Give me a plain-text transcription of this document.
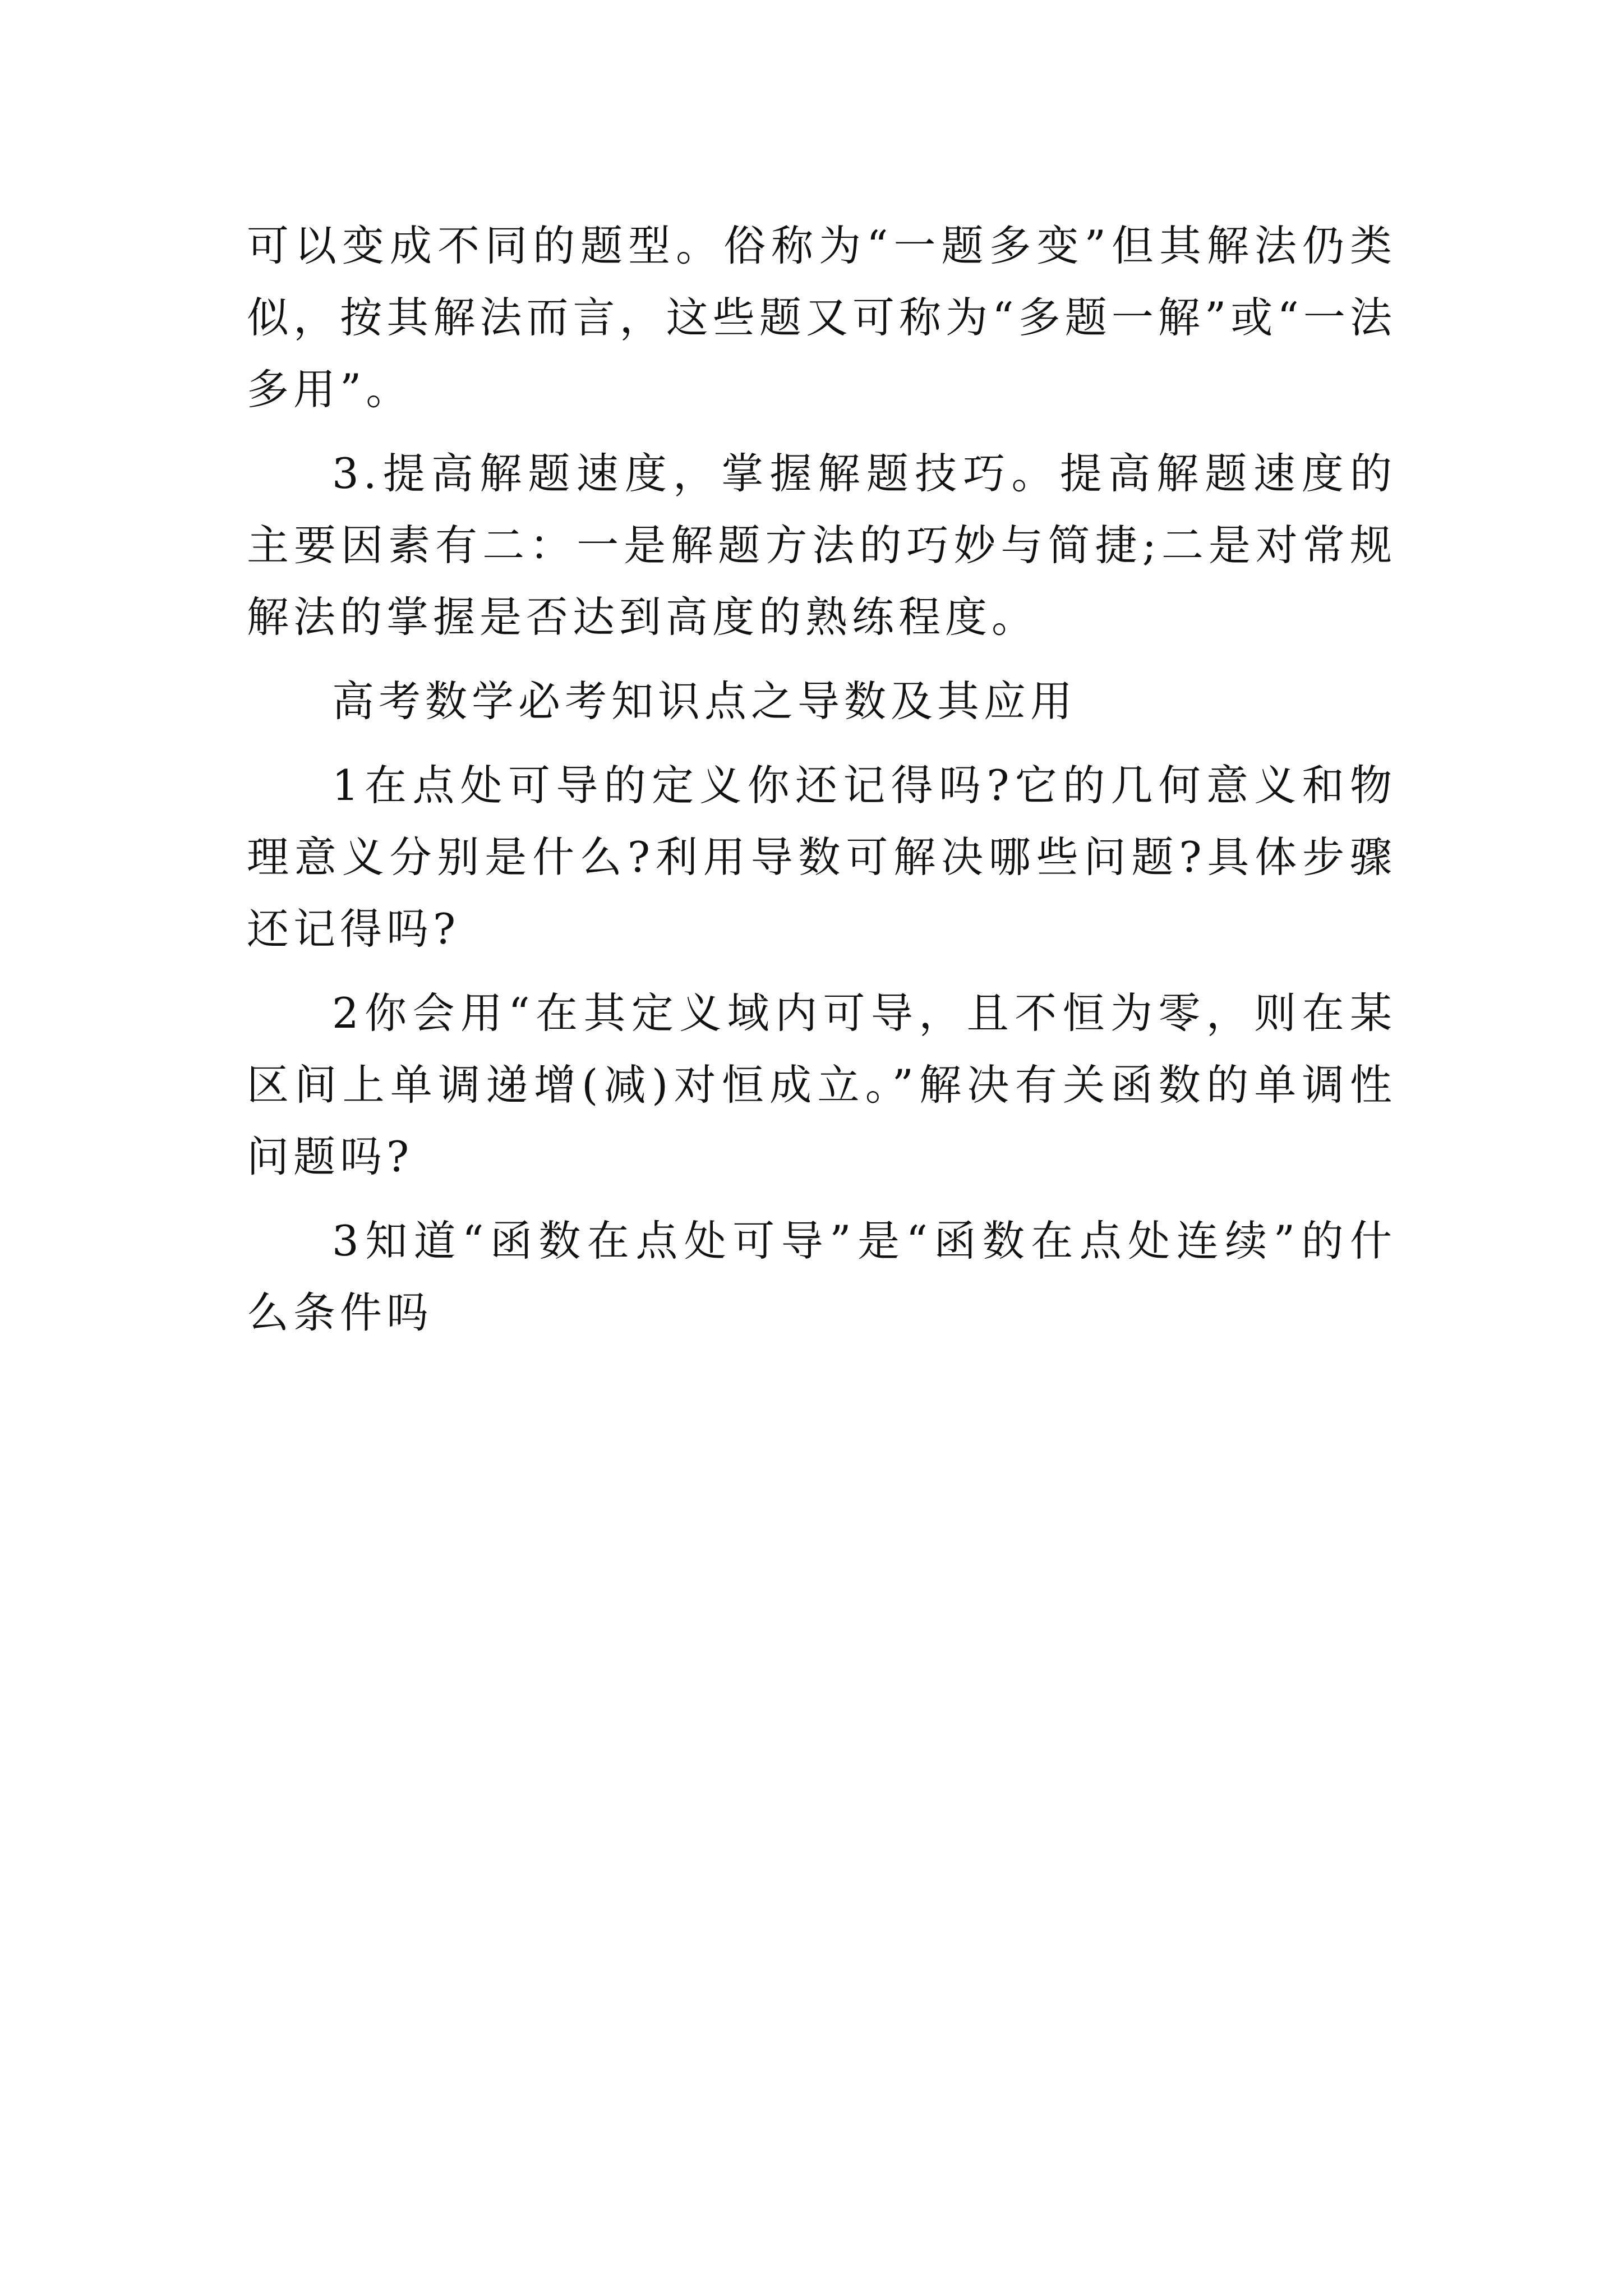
可以变成不同的题型。俗称为“一题多变”但其解法仍类似，按其解法而言，这些题又可称为“多题一解”或“一法多用”。

3.提高解题速度，掌握解题技巧。提高解题速度的主要因素有二：一是解题方法的巧妙与简捷;二是对常规解法的掌握是否达到高度的熟练程度。

高考数学必考知识点之导数及其应用

1在点处可导的定义你还记得吗?它的几何意义和物理意义分别是什么?利用导数可解决哪些问题?具体步骤还记得吗?

2你会用“在其定义域内可导，且不恒为零，则在某区间上单调递增(减)对恒成立。”解决有关函数的单调性问题吗?

3知道“函数在点处可导”是“函数在点处连续”的什么条件吗
